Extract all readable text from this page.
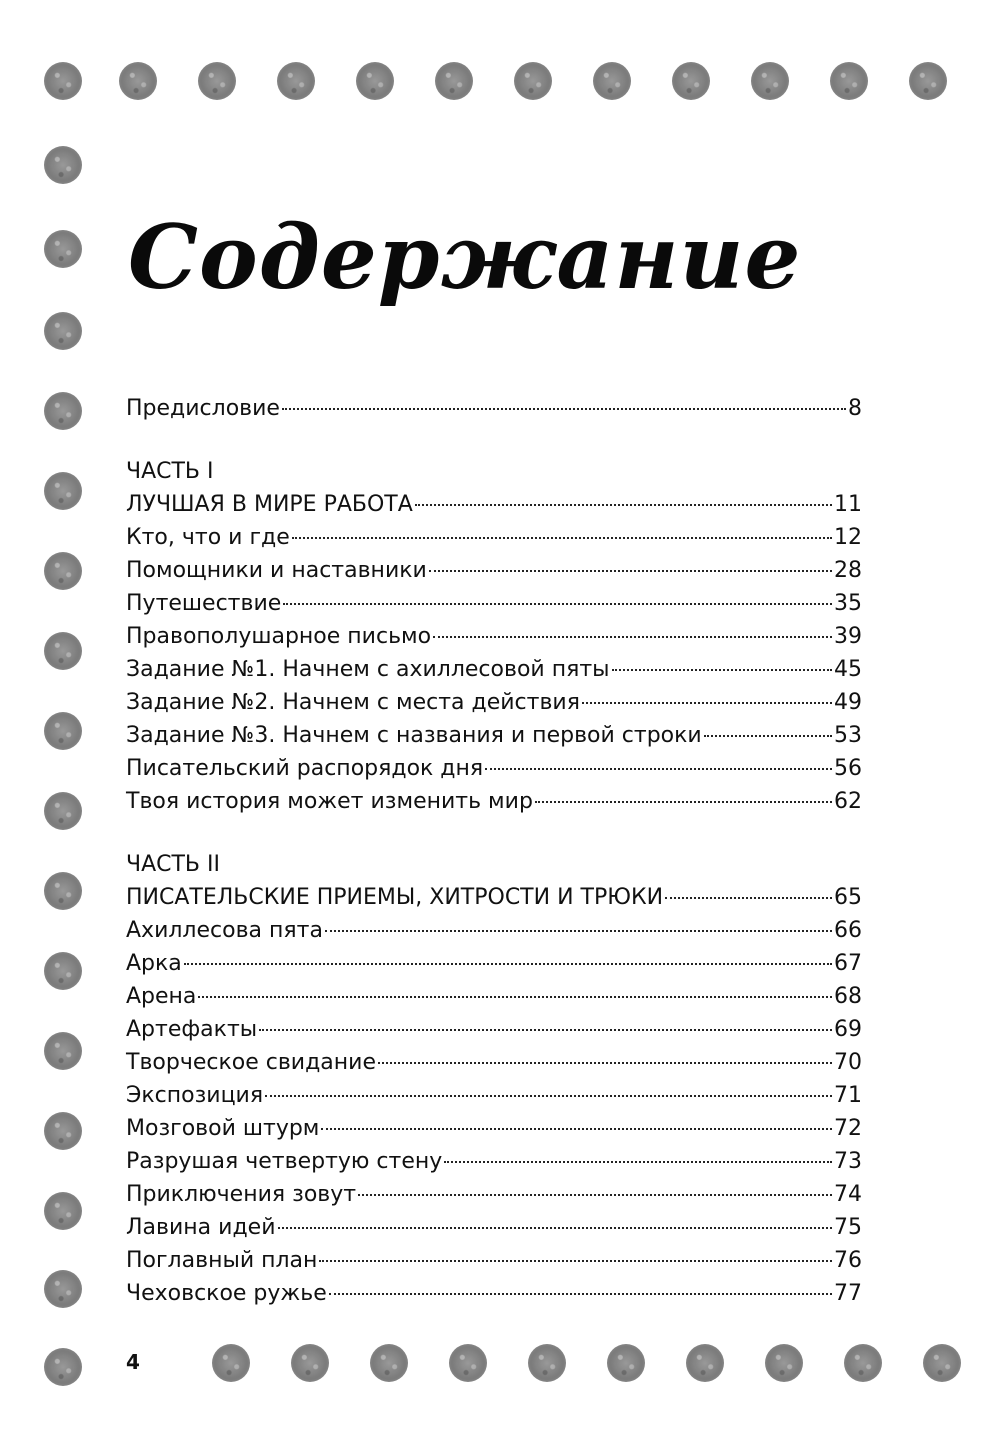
Содержание
Предисловие	8
ЧАСТЬ I
ЛУЧШАЯ В МИРЕ РАБОТА	11
Кто, что и где	12
Помощники и наставники	28
Путешествие	35
Правополушарное письмо	39
Задание №1. Начнем с ахиллесовой пяты	45
Задание №2. Начнем с места действия	49
Задание №3. Начнем с названия и первой строки	53
Писательский распорядок дня	56
Твоя история может изменить мир	62
ЧАСТЬ II
ПИСАТЕЛЬСКИЕ ПРИЕМЫ, ХИТРОСТИ И ТРЮКИ	65
Ахиллесова пята	66
Арка	67
Арена	68
Артефакты	69
Творческое свидание	70
Экспозиция	71
Мозговой штурм	72
Разрушая четвертую стену	73
Приключения зовут	74
Лавина идей	75
Поглавный план	76
Чеховское ружье	77
4
